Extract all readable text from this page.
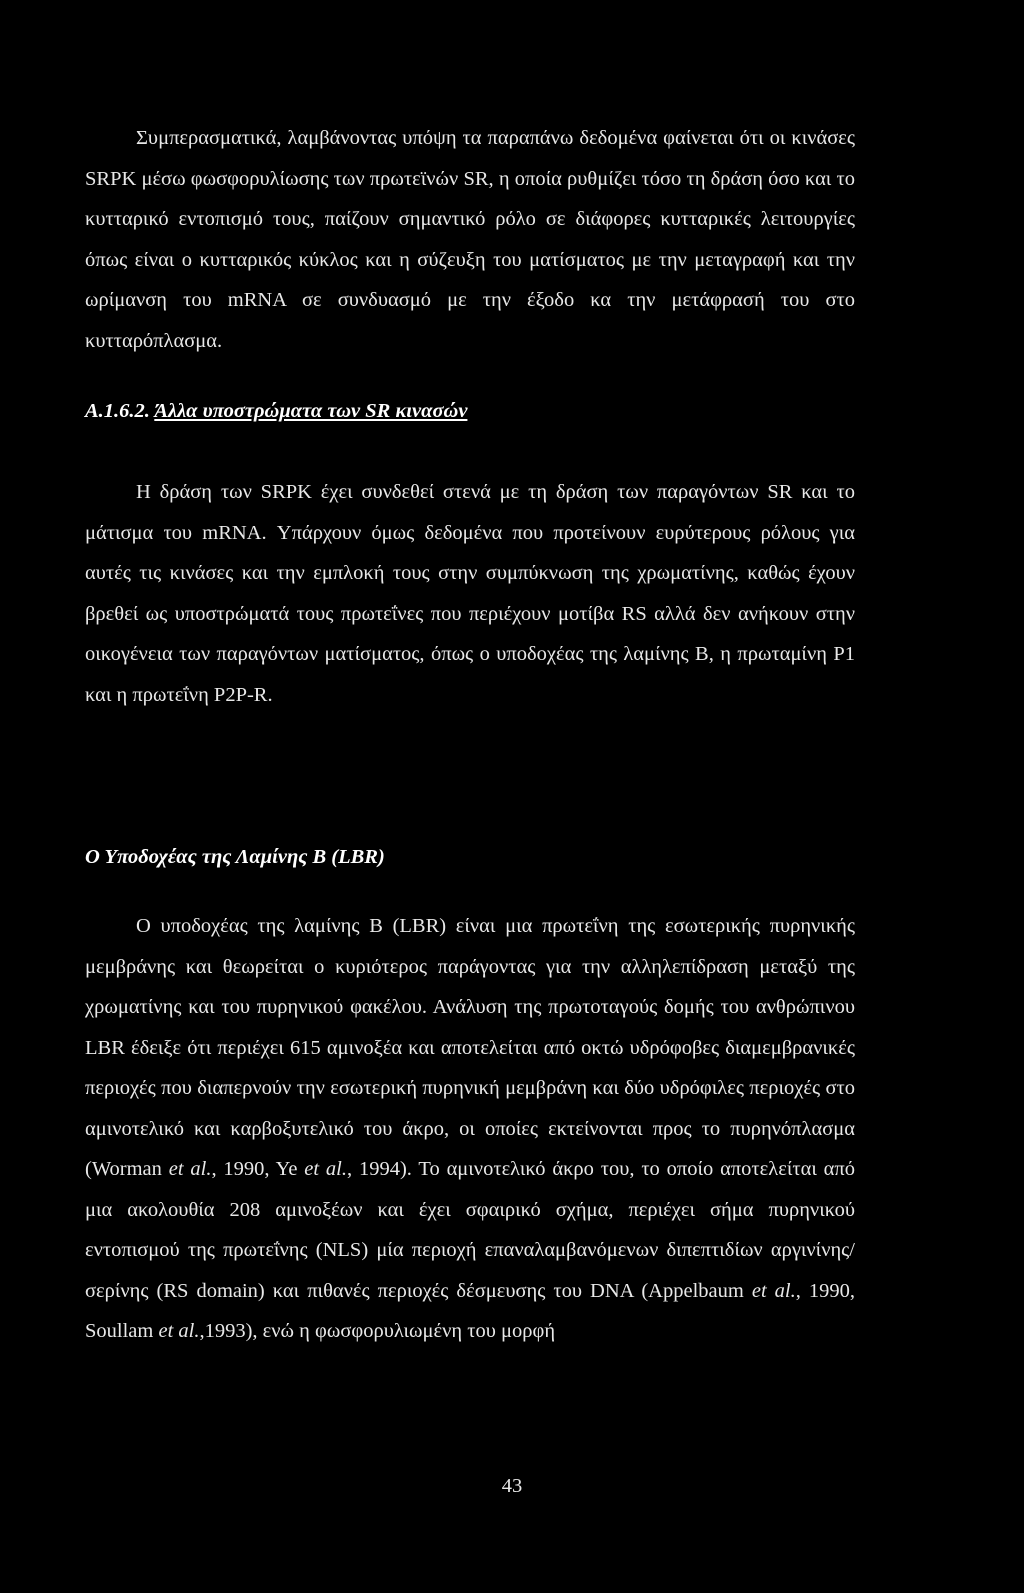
Συμπερασματικά, λαμβάνοντας υπόψη τα παραπάνω δεδομένα φαίνεται ότι οι κινάσες SRPK μέσω φωσφορυλίωσης των πρωτεϊνών SR, η οποία ρυθμίζει τόσο τη δράση όσο και το κυτταρικό εντοπισμό τους, παίζουν σημαντικό ρόλο σε διάφορες κυτταρικές λειτουργίες όπως είναι ο κυτταρικός κύκλος και η σύζευξη του ματίσματος με την μεταγραφή και την ωρίμανση του mRNA σε συνδυασμό με την έξοδο κα την μετάφρασή του στο κυτταρόπλασμα.

Α.1.6.2. Άλλα υποστρώματα των SR κινασών

Η δράση των SRPK έχει συνδεθεί στενά με τη δράση των παραγόντων SR και το μάτισμα του mRNA. Υπάρχουν όμως δεδομένα που προτείνουν ευρύτερους ρόλους για αυτές τις κινάσες και την εμπλοκή τους στην συμπύκνωση της χρωματίνης, καθώς έχουν βρεθεί ως υποστρώματά τους πρωτεΐνες που περιέχουν μοτίβα RS αλλά δεν ανήκουν στην οικογένεια των παραγόντων ματίσματος, όπως ο υποδοχέας της λαμίνης Β, η πρωταμίνη P1 και η πρωτεΐνη P2P-R.

Ο Υποδοχέας της Λαμίνης Β (LBR)

Ο υποδοχέας της λαμίνης Β (LBR) είναι μια πρωτεΐνη της εσωτερικής πυρηνικής μεμβράνης και θεωρείται ο κυριότερος παράγοντας για την αλληλεπίδραση μεταξύ της χρωματίνης και του πυρηνικού φακέλου. Ανάλυση της πρωτοταγούς δομής του ανθρώπινου LBR έδειξε ότι περιέχει 615 αμινοξέα και αποτελείται από οκτώ υδρόφοβες διαμεμβρανικές περιοχές που διαπερνούν την εσωτερική πυρηνική μεμβράνη και δύο υδρόφιλες περιοχές στο αμινοτελικό και καρβοξυτελικό του άκρο, οι οποίες εκτείνονται προς το πυρηνόπλασμα (Worman et al., 1990, Ye et al., 1994). Το αμινοτελικό άκρο του, το οποίο αποτελείται από μια ακολουθία 208 αμινοξέων και έχει σφαιρικό σχήμα, περιέχει σήμα πυρηνικού εντοπισμού της πρωτεΐνης (NLS) μία περιοχή επαναλαμβανόμενων διπεπτιδίων αργινίνης/σερίνης (RS domain) και πιθανές περιοχές δέσμευσης του DNA (Appelbaum et al., 1990, Soullam et al.,1993), ενώ η φωσφορυλιωμένη του μορφή

43
